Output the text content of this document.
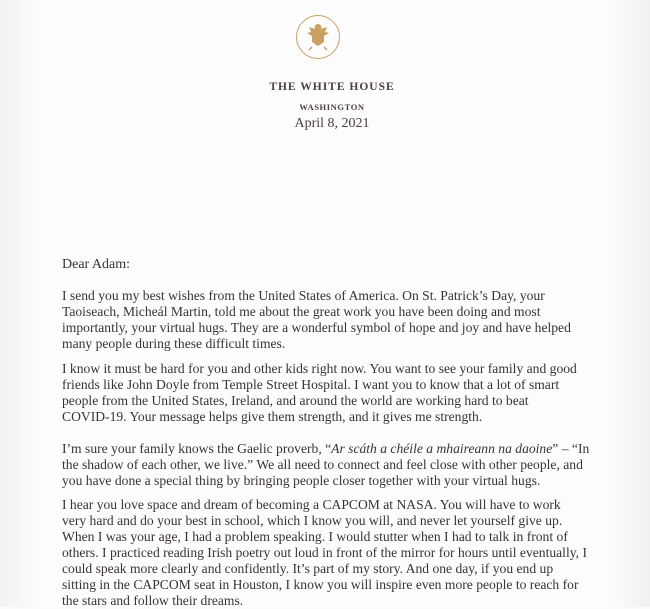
THE WHITE HOUSE
WASHINGTON
April 8, 2021
Dear Adam:
I send you my best wishes from the United States of America. On St. Patrick’s Day, your
Taoiseach, Micheál Martin, told me about the great work you have been doing and most
importantly, your virtual hugs. They are a wonderful symbol of hope and joy and have helped
many people during these difficult times.
I know it must be hard for you and other kids right now. You want to see your family and good
friends like John Doyle from Temple Street Hospital. I want you to know that a lot of smart
people from the United States, Ireland, and around the world are working hard to beat
COVID-19. Your message helps give them strength, and it gives me strength.
I’m sure your family knows the Gaelic proverb, “Ar scáth a chéile a mhaireann na daoine” – “In
the shadow of each other, we live.” We all need to connect and feel close with other people, and
you have done a special thing by bringing people closer together with your virtual hugs.
I hear you love space and dream of becoming a CAPCOM at NASA. You will have to work
very hard and do your best in school, which I know you will, and never let yourself give up.
When I was your age, I had a problem speaking. I would stutter when I had to talk in front of
others. I practiced reading Irish poetry out loud in front of the mirror for hours until eventually, I
could speak more clearly and confidently. It’s part of my story. And one day, if you end up
sitting in the CAPCOM seat in Houston, I know you will inspire even more people to reach for
the stars and follow their dreams.
